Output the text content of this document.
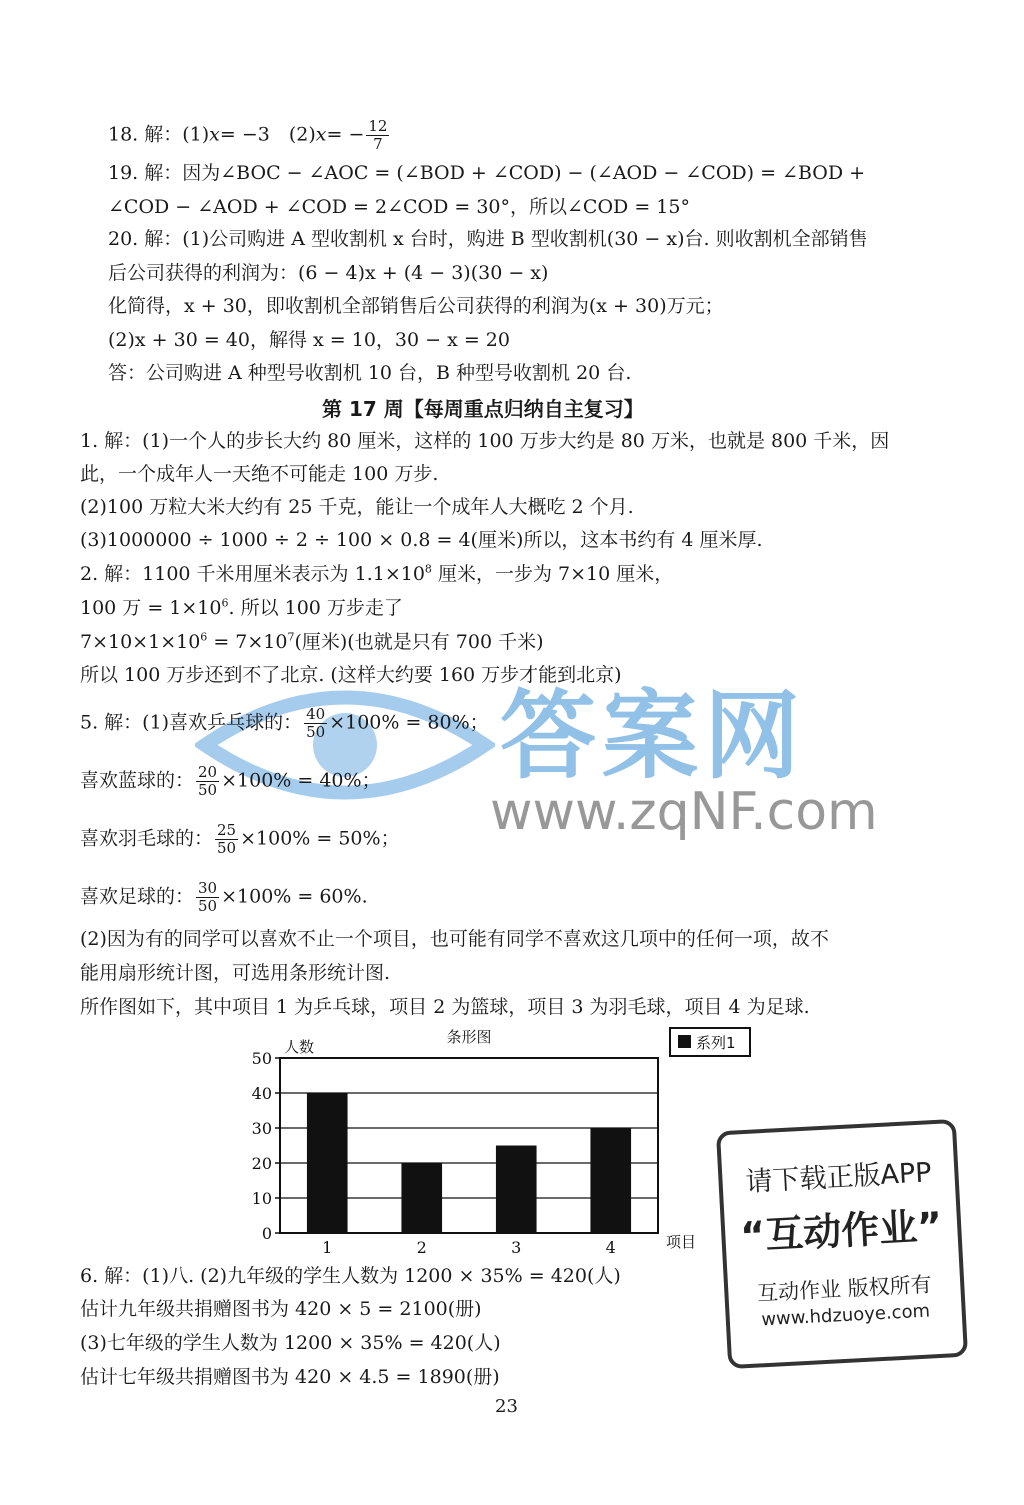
18. 解：(1)x= −3　$(2)x= - \frac{12}{7}$
19. 解：因为∠BOC − ∠AOC = (∠BOD + ∠COD) − (∠AOD − ∠COD) = ∠BOD +
∠COD − ∠AOD + ∠COD = 2∠COD = 30°，所以∠COD = 15°
20. 解：(1)公司购进 A 型收割机 x 台时，购进 B 型收割机(30 − x)台. 则收割机全部销售
后公司获得的利润为：(6 − 4)x + (4 − 3)(30 − x)
化简得，x + 30，即收割机全部销售后公司获得的利润为(x + 30)万元；
(2)x + 30 = 40，解得 x = 10，30 − x = 20
答：公司购进 A 种型号收割机 10 台，B 种型号收割机 20 台.
第 17 周【每周重点归纳自主复习】
1. 解：(1)一个人的步长大约 80 厘米，这样的 100 万步大约是 80 万米，也就是 800 千米，因
此，一个成年人一天绝不可能走 100 万步.
(2)100 万粒大米大约有 25 千克，能让一个成年人大概吃 2 个月.
(3)1000000 ÷ 1000 ÷ 2 ÷ 100 × 0.8 = 4(厘米)所以，这本书约有 4 厘米厚.
2. 解：1100 千米用厘米表示为 $1.1\times 10^8$ 厘米，一步为 7×10 厘米，
100 万 = $1\times 10^6$. 所以 100 万步走了
$7\times 10\times 1\times 10^6 = 7\times 10^7$(厘米)(也就是只有 700 千米)
所以 100 万步还到不了北京. (这样大约要 160 万步才能到北京)
答案网
www.zqNF.com
5. 解：(1)喜欢乒乓球的： $\frac{40}{50} \times 100\% = 80\%$；
喜欢蓝球的： $\frac{20}{50} \times 100\% = 40\%$；
喜欢羽毛球的： $\frac{25}{50} \times 100\% = 50\%$；
喜欢足球的： $\frac{30}{50} \times 100\% = 60\%$.
(2)因为有的同学可以喜欢不止一个项目，也可能有同学不喜欢这几项中的任何一项，故不
能用扇形统计图，可选用条形统计图.
所作图如下，其中项目 1 为乒乓球，项目 2 为篮球，项目 3 为羽毛球，项目 4 为足球.
0
10
20
30
40
50
1	2	3	4
条形图
人数
项目
系列1
6. 解：(1)八. (2)九年级的学生人数为 1200 × 35% = 420(人)
估计九年级共捐赠图书为 420 × 5 = 2100(册)
(3)七年级的学生人数为 1200 × 35% = 420(人)
估计七年级共捐赠图书为 420 × 4.5 = 1890(册)
请下载正版APP
“互动作业”
互动作业 版权所有
www.hdzuoye.com
23
